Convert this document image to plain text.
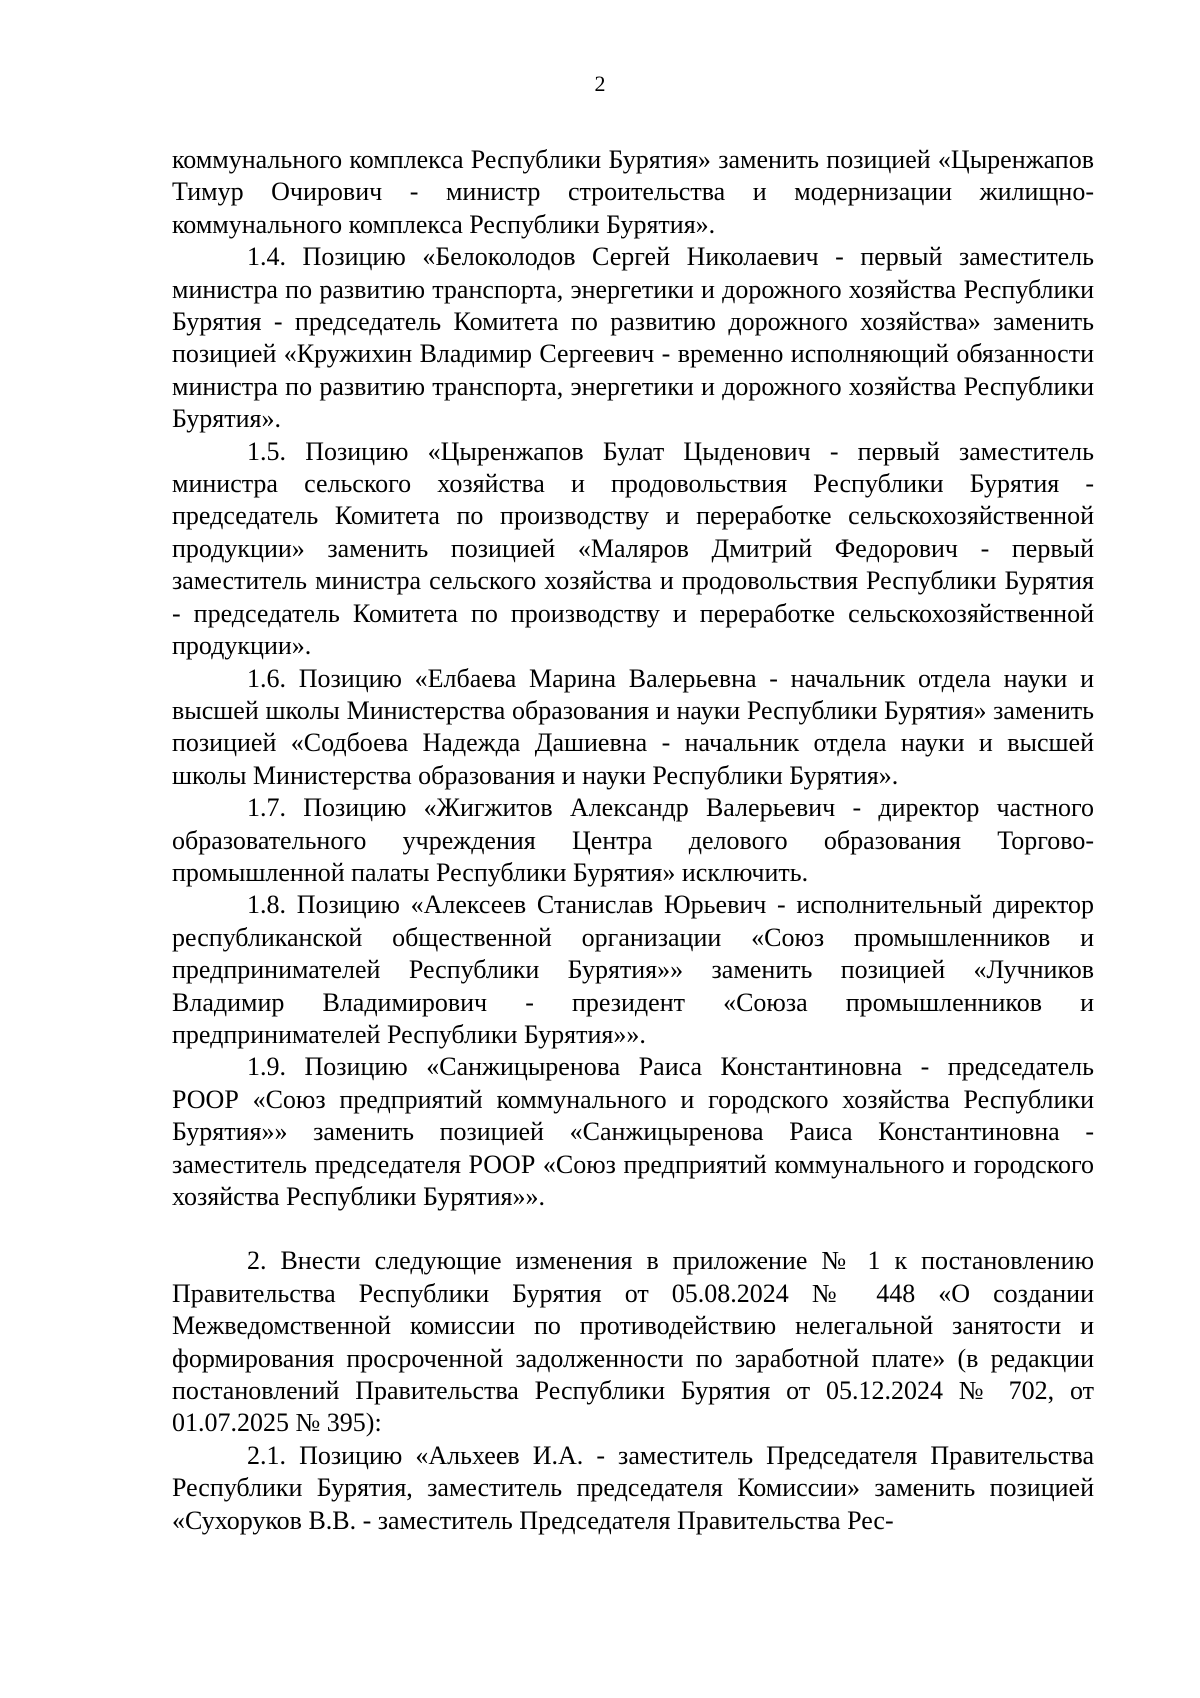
2

коммунального комплекса Республики Бурятия» заменить позицией «Цыренжапов Тимур Очирович - министр строительства и модернизации жилищно-коммунального комплекса Республики Бурятия».

1.4. Позицию «Белоколодов Сергей Николаевич - первый заместитель министра по развитию транспорта, энергетики и дорожного хозяйства Республики Бурятия - председатель Комитета по развитию дорожного хозяйства» заменить позицией «Кружихин Владимир Сергеевич - временно исполняющий обязанности министра по развитию транспорта, энергетики и дорожного хозяйства Республики Бурятия».

1.5. Позицию «Цыренжапов Булат Цыденович - первый заместитель министра сельского хозяйства и продовольствия Республики Бурятия - председатель Комитета по производству и переработке сельскохозяйственной продукции» заменить позицией «Маляров Дмитрий Федорович - первый заместитель министра сельского хозяйства и продовольствия Республики Бурятия - председатель Комитета по производству и переработке сельскохозяйственной продукции».

1.6. Позицию «Елбаева Марина Валерьевна - начальник отдела науки и высшей школы Министерства образования и науки Республики Бурятия» заменить позицией «Содбоева Надежда Дашиевна - начальник отдела науки и высшей школы Министерства образования и науки Республики Бурятия».

1.7. Позицию «Жигжитов Александр Валерьевич - директор частного образовательного учреждения Центра делового образования Торгово-промышленной палаты Республики Бурятия» исключить.

1.8. Позицию «Алексеев Станислав Юрьевич - исполнительный директор республиканской общественной организации «Союз промышленников и предпринимателей Республики Бурятия»» заменить позицией «Лучников Владимир Владимирович - президент «Союза промышленников и предпринимателей Республики Бурятия»».

1.9. Позицию «Санжицыренова Раиса Константиновна - председатель РООР «Союз предприятий коммунального и городского хозяйства Республики Бурятия»» заменить позицией «Санжицыренова Раиса Константиновна - заместитель председателя РООР «Союз предприятий коммунального и городского хозяйства Республики Бурятия»».

2. Внести следующие изменения в приложение № 1 к постановлению Правительства Республики Бурятия от 05.08.2024 № 448 «О создании Межведомственной комиссии по противодействию нелегальной занятости и формирования просроченной задолженности по заработной плате» (в редакции постановлений Правительства Республики Бурятия от 05.12.2024 № 702, от 01.07.2025 № 395):

2.1. Позицию «Альхеев И.А. - заместитель Председателя Правительства Республики Бурятия, заместитель председателя Комиссии» заменить позицией «Сухоруков В.В. - заместитель Председателя Правительства Рес-
